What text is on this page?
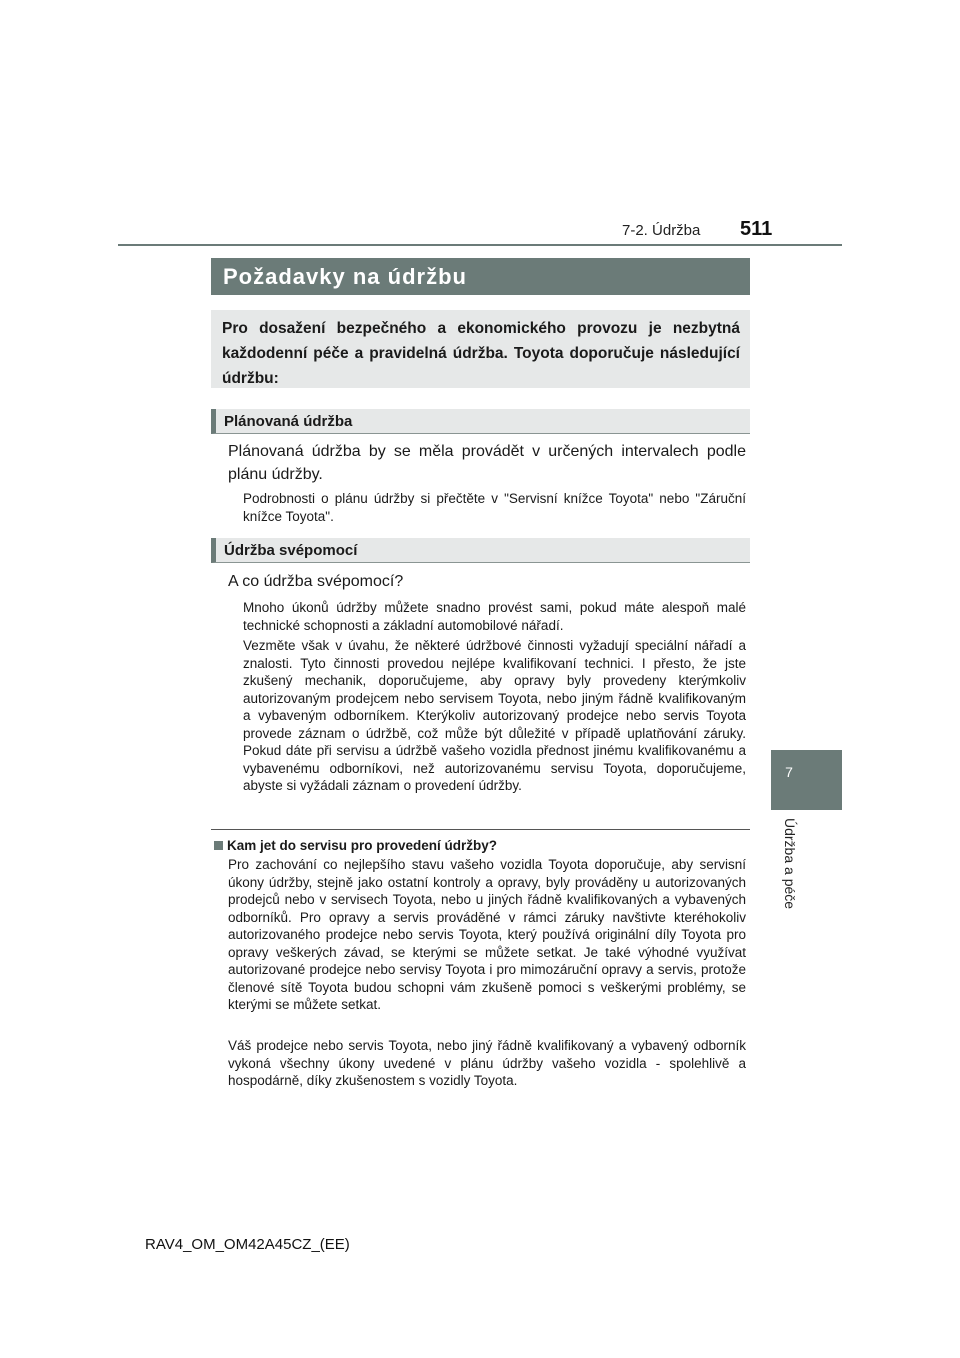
7-2. Údržba 511
7
Údržba a péče
Požadavky na údržbu
Pro dosažení bezpečného a ekonomického provozu je nezbytná každodenní péče a pravidelná údržba. Toyota doporučuje následující údržbu:
Plánovaná údržba
Plánovaná údržba by se měla provádět v určených intervalech podle plánu údržby.
Podrobnosti o plánu údržby si přečtěte v "Servisní knížce Toyota" nebo "Záruční knížce Toyota".
Údržba svépomocí
A co údržba svépomocí?
Mnoho úkonů údržby můžete snadno provést sami, pokud máte alespoň malé technické schopnosti a základní automobilové nářadí.
Vezměte však v úvahu, že některé údržbové činnosti vyžadují speciální nářadí a znalosti. Tyto činnosti provedou nejlépe kvalifikovaní technici. I přesto, že jste zkušený mechanik, doporučujeme, aby opravy byly provedeny kterýmkoliv autorizovaným prodejcem nebo servisem Toyota, nebo jiným řádně kvalifikovaným a vybaveným odborníkem. Kterýkoliv autorizovaný prodejce nebo servis Toyota provede záznam o údržbě, což může být důležité v případě uplatňování záruky. Pokud dáte při servisu a údržbě vašeho vozidla přednost jinému kvalifikovanému a vybavenému odborníkovi, než autorizovanému servisu Toyota, doporučujeme, abyste si vyžádali záznam o provedení údržby.
Kam jet do servisu pro provedení údržby?
Pro zachování co nejlepšího stavu vašeho vozidla Toyota doporučuje, aby servisní úkony údržby, stejně jako ostatní kontroly a opravy, byly prováděny u autorizovaných prodejců nebo v servisech Toyota, nebo u jiných řádně kvalifikovaných a vybavených odborníků. Pro opravy a servis prováděné v rámci záruky navštivte kteréhokoliv autorizovaného prodejce nebo servis Toyota, který používá originální díly Toyota pro opravy veškerých závad, se kterými se můžete setkat. Je také výhodné využívat autorizované prodejce nebo servisy Toyota i pro mimozáruční opravy a servis, protože členové sítě Toyota budou schopni vám zkušeně pomoci s veškerými problémy, se kterými se můžete setkat.
Váš prodejce nebo servis Toyota, nebo jiný řádně kvalifikovaný a vybavený odborník vykoná všechny úkony uvedené v plánu údržby vašeho vozidla - spolehlivě a hospodárně, díky zkušenostem s vozidly Toyota.
RAV4_OM_OM42A45CZ_(EE)
